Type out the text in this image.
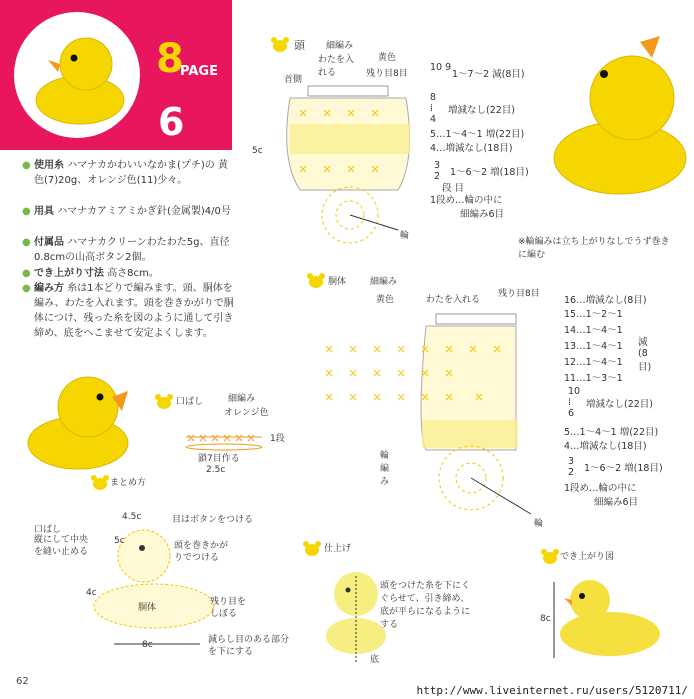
8
PAGE
6
● 使用糸 ハマナカかわいいなかま(プチ)の 黄色(7)20g、オレンジ色(11)少々。
● 用具 ハマナカアミアミかぎ針(金属製)4/0号
● 付属品 ハマナカクリーンわたわた5g、直径0.8cmの山高ボタン2個。
● でき上がり寸法 高さ8cm。
● 編み方 糸は1本どりで編みます。頭、胴体を編み、わたを入れます。頭を巻きかがりで胴体につけ、残った糸を図のように通して引き締め、底をへこませて安定よくします。
頭 細編み
黄色
わたを入れる	残り目8目
首側
5c
輪
10 9
1～7～2 減(8目)
8 ⁞ 4
増減なし(22目)
5…1～4～1 増(22目)
4…増減なし(18目)
3 2 1～6～2 増(18目)
段 目
1段め…輪の中に
細編み6目
※輪編みは立ち上がりなしでうず巻きに編む
胴体	細編み
黄色	わたを入れる
残り目8目
輪編み
輪
16…増減なし(8目)
15…1～2～1
14…1～4～1
13…1～4～1
12…1～4～1
11…1～3～1
減(8目)
10 ⁞ 6
増減なし(22目)
5…1～4～1 増(22目)
4…増減なし(18目)
3 2 1～6～2 増(18目)
1段め…輪の中に
細編み6目
口ばし	細編み
オレンジ色
1段
鎖7目作る
2.5c
まとめ方
口ばし
縦にして中央を縫い止める
4.5c	目はボタンをつける
頭を巻きかがりでつける
5c
胴体
4c
残り目をしぼる
8c	減らし目のある部分を下にする
仕上げ
頭をつけた糸を下にくぐらせて、引き締め、底が平らになるようにする
底
でき上がり図
8c
62
http://www.liveinternet.ru/users/5120711/
